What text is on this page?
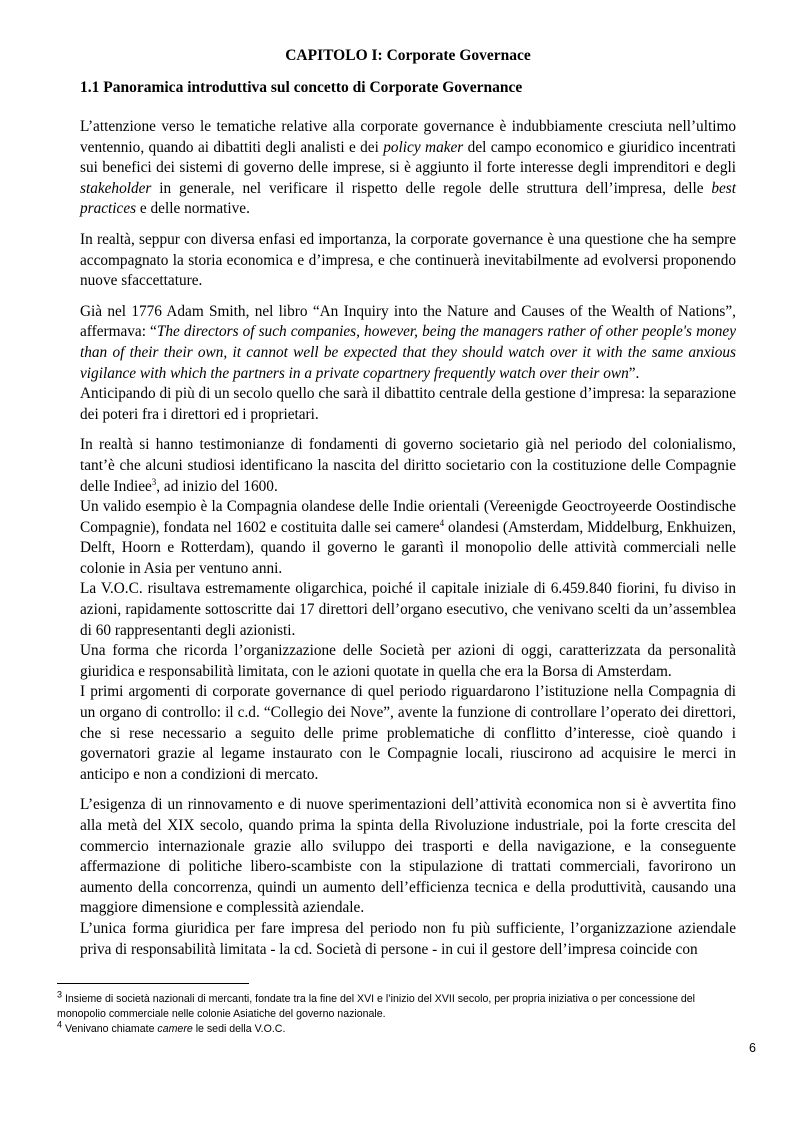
CAPITOLO I: Corporate Governace
1.1 Panoramica introduttiva sul concetto di Corporate Governance

L’attenzione verso le tematiche relative alla corporate governance è indubbiamente cresciuta nell’ultimo ventennio, quando ai dibattiti degli analisti e dei policy maker del campo economico e giuridico incentrati sui benefici dei sistemi di governo delle imprese, si è aggiunto il forte interesse degli imprenditori e degli stakeholder in generale, nel verificare il rispetto delle regole delle struttura dell’impresa, delle best practices e delle normative.

In realtà, seppur con diversa enfasi ed importanza, la corporate governance è una questione che ha sempre accompagnato la storia economica e d’impresa, e che continuerà inevitabilmente ad evolversi proponendo nuove sfaccettature.

Già nel 1776 Adam Smith, nel libro “An Inquiry into the Nature and Causes of the Wealth of Nations”, affermava: “The directors of such companies, however, being the managers rather of other people's money than of their their own, it cannot well be expected that they should watch over it with the same anxious vigilance with which the partners in a private copartnery frequently watch over their own”.

Anticipando di più di un secolo quello che sarà il dibattito centrale della gestione d’impresa: la separazione dei poteri fra i direttori ed i proprietari.

In realtà si hanno testimonianze di fondamenti di governo societario già nel periodo del colonialismo, tant’è che alcuni studiosi identificano la nascita del diritto societario con la costituzione delle Compagnie delle Indiee$^3$, ad inizio del 1600.

Un valido esempio è la Compagnia olandese delle Indie orientali (Vereenigde Geoctroyeerde Oostindische Compagnie), fondata nel 1602 e costituita dalle sei camere$^4$ olandesi (Amsterdam, Middelburg, Enkhuizen, Delft, Hoorn e Rotterdam), quando il governo le garantì il monopolio delle attività commerciali nelle colonie in Asia per ventuno anni.

La V.O.C. risultava estremamente oligarchica, poiché il capitale iniziale di 6.459.840 fiorini, fu diviso in azioni, rapidamente sottoscritte dai 17 direttori dell’organo esecutivo, che venivano scelti da un’assemblea di 60 rappresentanti degli azionisti.

Una forma che ricorda l’organizzazione delle Società per azioni di oggi, caratterizzata da personalità giuridica e responsabilità limitata, con le azioni quotate in quella che era la Borsa di Amsterdam.

I primi argomenti di corporate governance di quel periodo riguardarono l’istituzione nella Compagnia di un organo di controllo: il c.d. “Collegio dei Nove”, avente la funzione di controllare l’operato dei direttori, che si rese necessario a seguito delle prime problematiche di conflitto d’interesse, cioè quando i governatori grazie al legame instaurato con le Compagnie locali, riuscirono ad acquisire le merci in anticipo e non a condizioni di mercato.

L’esigenza di un rinnovamento e di nuove sperimentazioni dell’attività economica non si è avvertita fino alla metà del XIX secolo, quando prima la spinta della Rivoluzione industriale, poi la forte crescita del commercio internazionale grazie allo sviluppo dei trasporti e della navigazione, e la conseguente affermazione di politiche libero-scambiste con la stipulazione di trattati commerciali, favorirono un aumento della concorrenza, quindi un aumento dell’efficienza tecnica e della produttività, causando una maggiore dimensione e complessità aziendale.

L’unica forma giuridica per fare impresa del periodo non fu più sufficiente, l’organizzazione aziendale priva di responsabilità limitata - la cd. Società di persone - in cui il gestore dell’impresa coincide con

$^3$ Insieme di società nazionali di mercanti, fondate tra la fine del XVI e l’inizio del XVII secolo, per propria iniziativa o per concessione del monopolio commerciale nelle colonie Asiatiche del governo nazionale.

$^4$ Venivano chiamate camere le sedi della V.O.C.

6
